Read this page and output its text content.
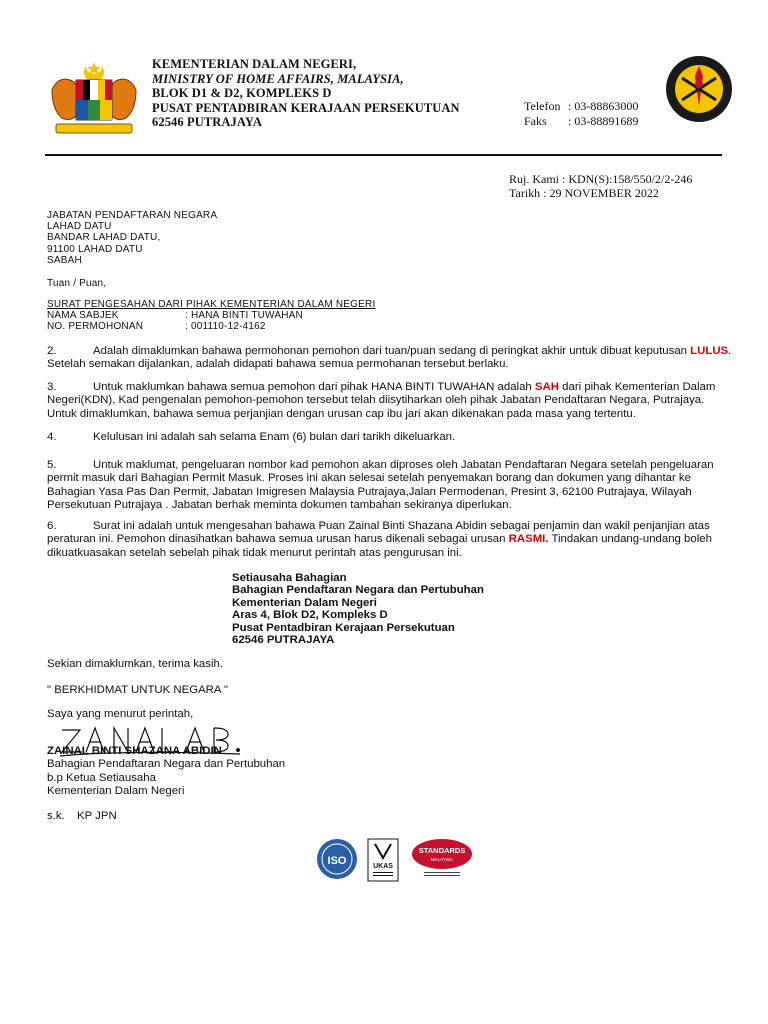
KEMENTERIAN DALAM NEGERI,
MINISTRY OF HOME AFFAIRS, MALAYSIA,
BLOK D1 & D2, KOMPLEKS D
PUSAT PENTADBIRAN KERAJAAN PERSEKUTUAN
62546 PUTRAJAYA
Telefon : 03-88863000
Faks : 03-88891689
Ruj. Kami : KDN(S):158/550/2/2-246
Tarikh : 29 NOVEMBER 2022
JABATAN PENDAFTARAN NEGARA
LAHAD DATU
BANDAR LAHAD DATU,
91100 LAHAD DATU
SABAH
Tuan / Puan,
SURAT PENGESAHAN DARI PIHAK KEMENTERIAN DALAM NEGERI
NAMA SABJEK	: HANA BINTI TUWAHAN
NO. PERMOHONAN	: 001110-12-4162
2.	Adalah dimaklumkan bahawa permohonan pemohon dari tuan/puan sedang di peringkat akhir untuk dibuat keputusan LULUS. Setelah semakan dijalankan, adalah didapati bahawa semua permohanan tersebut berlaku.
3.	Untuk maklumkan bahawa semua pemohon dari pihak HANA BINTI TUWAHAN adalah SAH dari pihak Kementerian Dalam Negeri(KDN), Kad pengenalan pemohon-pemohon tersebut telah diisytiharkan oleh pihak Jabatan Pendaftaran Negara, Putrajaya. Untuk dimaklumkan, bahawa semua perjanjian dengan urusan cap ibu jari akan dikenakan pada masa yang tertentu.
4.	Kelulusan ini adalah sah selama Enam (6) bulan dari tarikh dikeluarkan.
5.	Untuk maklumat, pengeluaran nombor kad pemohon akan diproses oleh Jabatan Pendaftaran Negara setelah pengeluaran permit masuk dari Bahagian Permit Masuk. Proses ini akan selesai setelah penyemakan borang dan dokumen yang dihantar ke Bahagian Yasa Pas Dan Permit, Jabatan Imigresen Malaysia Putrajaya,Jalan Permodenan, Presint 3, 62100 Putrajaya, Wilayah Persekutuan Putrajaya . Jabatan berhak meminta dokumen tambahan sekiranya diperlukan.
6.	Surat ini adalah untuk mengesahan bahawa Puan Zainal Binti Shazana Abidin sebagai penjamin dan wakil penjanjian atas peraturan ini. Pemohon dinasihatkan bahawa semua urusan harus dikenali sebagai urusan RASMI. Tindakan undang-undang boleh dikuatkuasakan setelah sebelah pihak tidak menurut perintah atas pengurusan ini.
Setiausaha Bahagian
Bahagian Pendaftaran Negara dan Pertubuhan
Kementerian Dalam Negeri
Aras 4, Blok D2, Kompleks D
Pusat Pentadbiran Kerajaan Persekutuan
62546 PUTRAJAYA
Sekian dimaklumkan, terima kasih.
" BERKHIDMAT UNTUK NEGARA "
Saya yang menurut perintah,
ZAINAL BINTI SHAZANA ABIDIN
Bahagian Pendaftaran Negara dan Pertubuhan
b.p Ketua Setiausaha
Kementerian Dalam Negeri
s.k. KP JPN
ISO	UKAS
STANDARDS
MALAYSIA
